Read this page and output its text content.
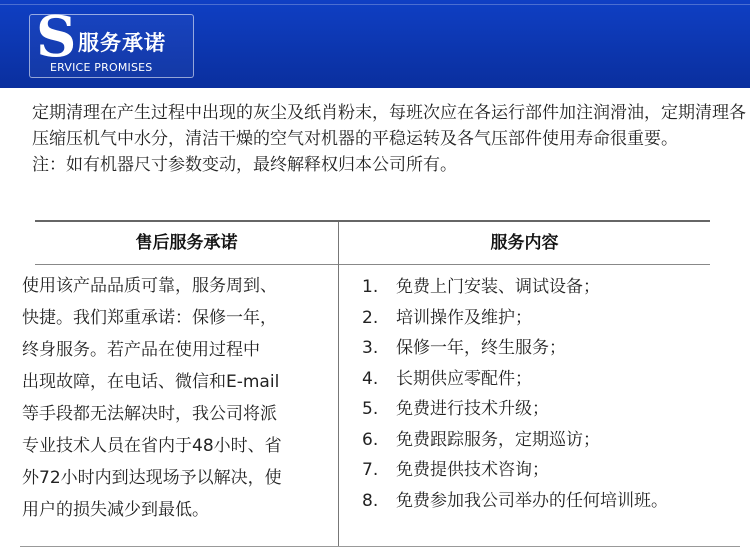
S 服务承诺
ERVICE PROMISES

定期清理在产生过程中出现的灰尘及纸肖粉末，每班次应在各运行部件加注润滑油，定期清理各压缩压机气中水分，清洁干燥的空气对机器的平稳运转及各气压部件使用寿命很重要。

注：如有机器尺寸参数变动，最终解释权归本公司所有。

售后服务承诺	服务内容
使用该产品品质可靠，服务周到、
快捷。我们郑重承诺：保修一年，
终身服务。若产品在使用过程中
出现故障，在电话、微信和E-mail
等手段都无法解决时，我公司将派
专业技术人员在省内于48小时、省
外72小时内到达现场予以解决，使
用户的损失减少到最低。
1. 免费上门安装、调试设备；
2. 培训操作及维护；
3. 保修一年，终生服务；
4. 长期供应零配件；
5. 免费进行技术升级；
6. 免费跟踪服务，定期巡访；
7. 免费提供技术咨询；
8. 免费参加我公司举办的任何培训班。
